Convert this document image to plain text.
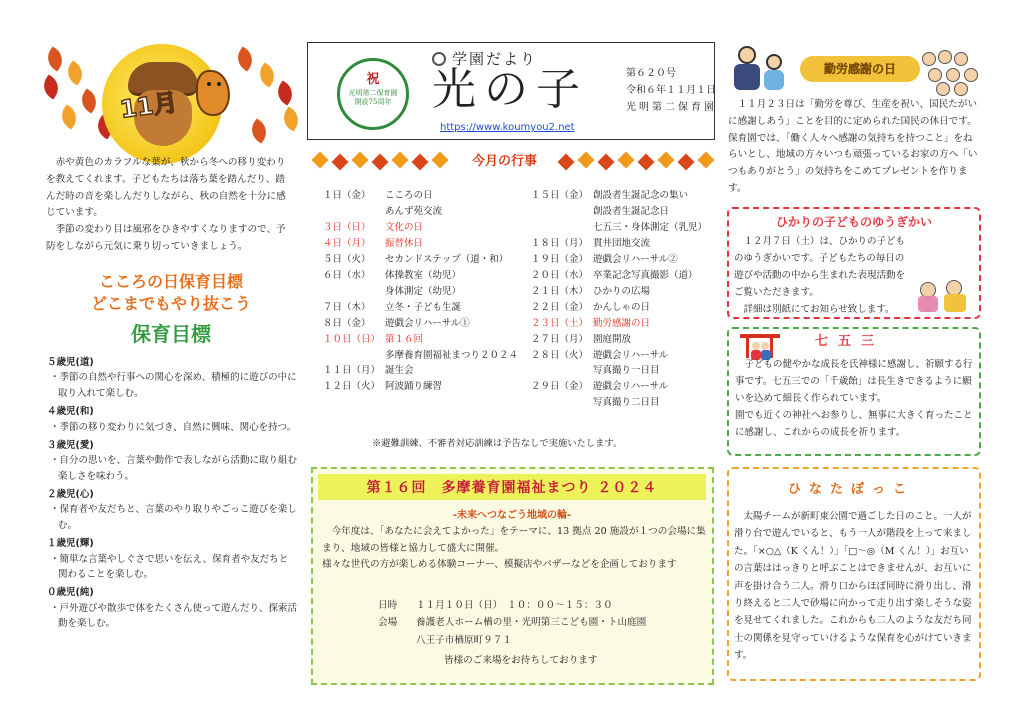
11月

赤や黄色のカラフルな葉が、秋から冬への移り変わりを教えてくれます。子どもたちは落ち葉を踏んだり、踏んだ時の音を楽しんだりしながら、秋の自然を十分に感じています。

季節の変わり目は風邪をひきやすくなりますので、予防をしながら元気に乗り切っていきましょう。

こころの日保育目標
どこまでもやり抜こう
保育目標
５歳児(道)
・季節の自然や行事への関心を深め、積極的に遊びの中に取り入れて楽しむ。
４歳児(和)
・季節の移り変わりに気づき、自然に興味、関心を持つ。
３歳児(愛)
・自分の思いを、言葉や動作で表しながら活動に取り組む楽しさを味わう。
２歳児(心)
・保育者や友だちと、言葉のやり取りやごっこ遊びを楽しむ。
１歳児(輝)
・簡単な言葉やしぐさで思いを伝え、保育者や友だちと関わることを楽しむ。
０歳児(純)
・戸外遊びや散歩で体をたくさん使って遊んだり、探索活動を楽しむ。
祝
光明第二保育園
開設75周年
学園だより
光の子	第６２０号
令和６年１１月１日
光明第二保育園
https://www.koumyou2.net
今月の行事
１日（金）	こころの日
あんず苑交流
３日（日）	文化の日
４日（月）	振替休日
５日（火）	セカンドステップ（道・和）
６日（水）	体操教室（幼児）
身体測定（幼児）
７日（木）	立冬・子ども生誕
８日（金）	遊戯会リハーサル①
１０日（日） 第１６回
多摩養育園福祉まつり２０２４
１１日（月） 誕生会
１２日（火） 阿波踊り練習
１５日（金） 創設者生誕記念の集い
創設者生誕記念日
七五三・身体測定（乳児）
１８日（月） 貫井団地交流
１９日（金） 遊戯会リハーサル②
２０日（水） 卒業記念写真撮影（道）
２１日（木） ひかりの広場
２２日（金） かんしゃの日
２３日（土） 勤労感謝の日
２７日（月） 園庭開放
２８日（火） 遊戯会リハーサル
写真撮り一日目
２９日（金） 遊戯会リハーサル
写真撮り二日目
※避難訓練、不審者対応訓練は予告なしで実施いたします。
第１６回　多摩養育園福祉まつり ２０２４
-未来へつなごう地域の輪-

今年度は、「あなたに会えてよかった」をテーマに、13 拠点 20 施設が１つの会場に集まり、地域の皆様と協力して盛大に開催。

様々な世代の方が楽しめる体験コーナー、模擬店やバザーなどを企画しております

日時	１１月１０日（日）　１０：００～１５：３０
会場	養護老人ホーム楢の里・光明第三こども園・ト山庭園
八王子市楢原町９７１
皆様のご来場をお待ちしております
勤労感謝の日

１１月２３日は「勤労を尊び、生産を祝い、国民たがいに感謝しあう」ことを目的に定められた国民の休日です。保育園では、「働く人々へ感謝の気持ちを持つこと」をねらいとし、地域の方々いつも頑張っているお家の方へ「いつもありがとう」の気持ちをこめてプレゼントを作ります。

ひかりの子どものゆうぎかい

１２月７日（土）は、ひかりの子どものゆうぎかいです。子どもたちの毎日の遊びや活動の中から生まれた表現活動をご覧いただきます。

詳細は別紙にてお知らせ致します。

七五三

子どもの健やかな成長を氏神様に感謝し、祈願する行事です。七五三での「千歳飴」は長生きできるように願いを込めて細長く作られています。

園でも近くの神社へお参りし、無事に大きく育ったことに感謝し、これからの成長を祈ります。

ひなたぼっこ

太陽チームが新町東公園で過ごした日のこと。一人が滑り台で遊んでいると、もう一人が階段を上って来ました。「×○△（K くん！）」「□～◎（M くん！）」お互いの言葉ははっきりと呼ぶことはできませんが、お互いに声を掛け合う二人。滑り口からほぼ同時に滑り出し、滑り終えると二人で砂場に向かって走り出す楽しそうな姿を見せてくれました。これからも二人のような友だち同士の関係を見守っていけるような保育を心がけていきます。
